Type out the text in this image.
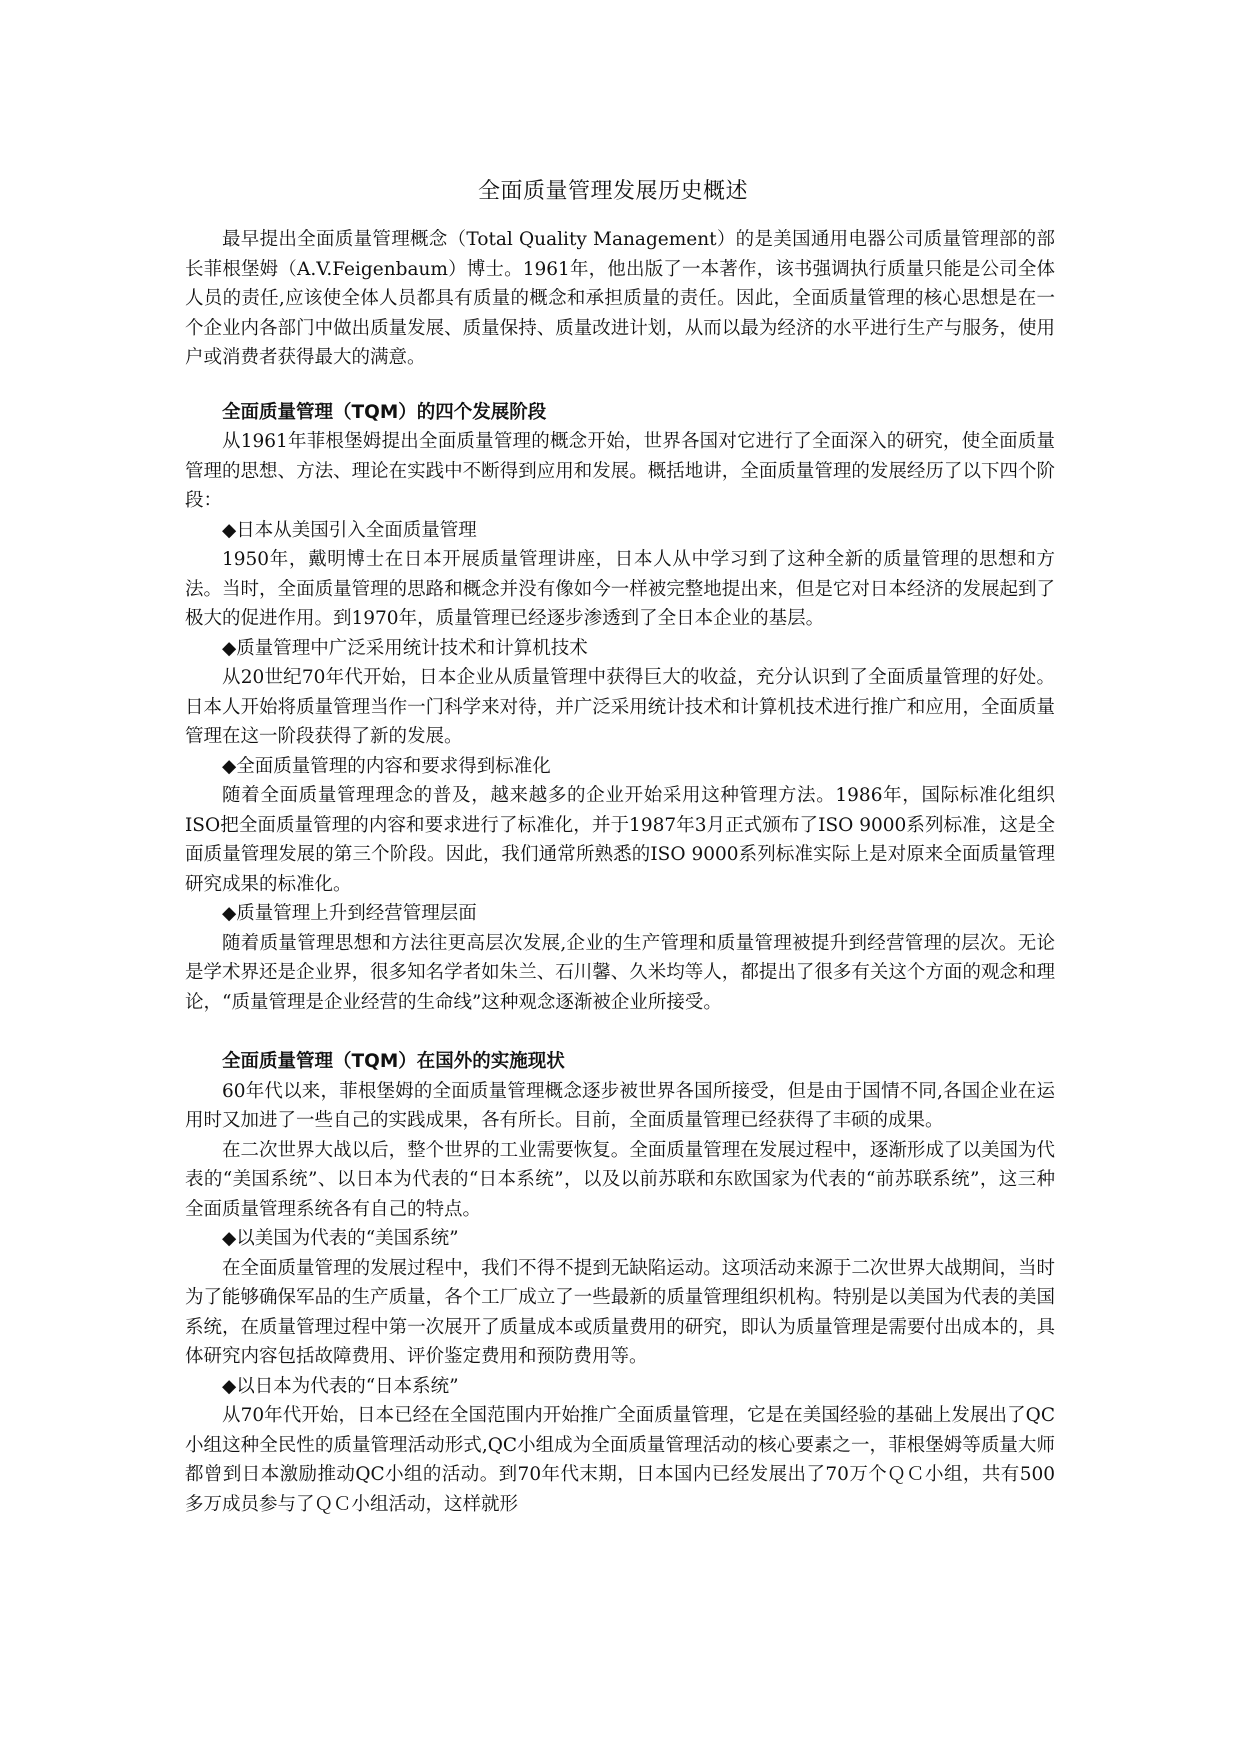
全面质量管理发展历史概述

最早提出全面质量管理概念（Total Quality Management）的是美国通用电器公司质量管理部的部长菲根堡姆（A.V.Feigenbaum）博士。1961年，他出版了一本著作，该书强调执行质量只能是公司全体人员的责任,应该使全体人员都具有质量的概念和承担质量的责任。因此，全面质量管理的核心思想是在一个企业内各部门中做出质量发展、质量保持、质量改进计划，从而以最为经济的水平进行生产与服务，使用户或消费者获得最大的满意。

全面质量管理（TQM）的四个发展阶段

从1961年菲根堡姆提出全面质量管理的概念开始，世界各国对它进行了全面深入的研究，使全面质量管理的思想、方法、理论在实践中不断得到应用和发展。概括地讲，全面质量管理的发展经历了以下四个阶段：

◆日本从美国引入全面质量管理

1950年，戴明博士在日本开展质量管理讲座，日本人从中学习到了这种全新的质量管理的思想和方法。当时，全面质量管理的思路和概念并没有像如今一样被完整地提出来，但是它对日本经济的发展起到了极大的促进作用。到1970年，质量管理已经逐步渗透到了全日本企业的基层。

◆质量管理中广泛采用统计技术和计算机技术

从20世纪70年代开始，日本企业从质量管理中获得巨大的收益，充分认识到了全面质量管理的好处。日本人开始将质量管理当作一门科学来对待，并广泛采用统计技术和计算机技术进行推广和应用，全面质量管理在这一阶段获得了新的发展。

◆全面质量管理的内容和要求得到标准化

随着全面质量管理理念的普及，越来越多的企业开始采用这种管理方法。1986年，国际标准化组织ISO把全面质量管理的内容和要求进行了标准化，并于1987年3月正式颁布了ISO 9000系列标准，这是全面质量管理发展的第三个阶段。因此，我们通常所熟悉的ISO 9000系列标准实际上是对原来全面质量管理研究成果的标准化。

◆质量管理上升到经营管理层面

随着质量管理思想和方法往更高层次发展,企业的生产管理和质量管理被提升到经营管理的层次。无论是学术界还是企业界，很多知名学者如朱兰、石川馨、久米均等人，都提出了很多有关这个方面的观念和理论，“质量管理是企业经营的生命线”这种观念逐渐被企业所接受。

全面质量管理（TQM）在国外的实施现状

60年代以来，菲根堡姆的全面质量管理概念逐步被世界各国所接受，但是由于国情不同,各国企业在运用时又加进了一些自己的实践成果，各有所长。目前，全面质量管理已经获得了丰硕的成果。

在二次世界大战以后，整个世界的工业需要恢复。全面质量管理在发展过程中，逐渐形成了以美国为代表的“美国系统”、以日本为代表的“日本系统”，以及以前苏联和东欧国家为代表的“前苏联系统”，这三种全面质量管理系统各有自己的特点。

◆以美国为代表的“美国系统”

在全面质量管理的发展过程中，我们不得不提到无缺陷运动。这项活动来源于二次世界大战期间，当时为了能够确保军品的生产质量，各个工厂成立了一些最新的质量管理组织机构。特别是以美国为代表的美国系统，在质量管理过程中第一次展开了质量成本或质量费用的研究，即认为质量管理是需要付出成本的，具体研究内容包括故障费用、评价鉴定费用和预防费用等。

◆以日本为代表的“日本系统”

从70年代开始，日本已经在全国范围内开始推广全面质量管理，它是在美国经验的基础上发展出了QC小组这种全民性的质量管理活动形式,QC小组成为全面质量管理活动的核心要素之一，菲根堡姆等质量大师都曾到日本激励推动QC小组的活动。到70年代末期，日本国内已经发展出了70万个ＱＣ小组，共有500多万成员参与了ＱＣ小组活动，这样就形
